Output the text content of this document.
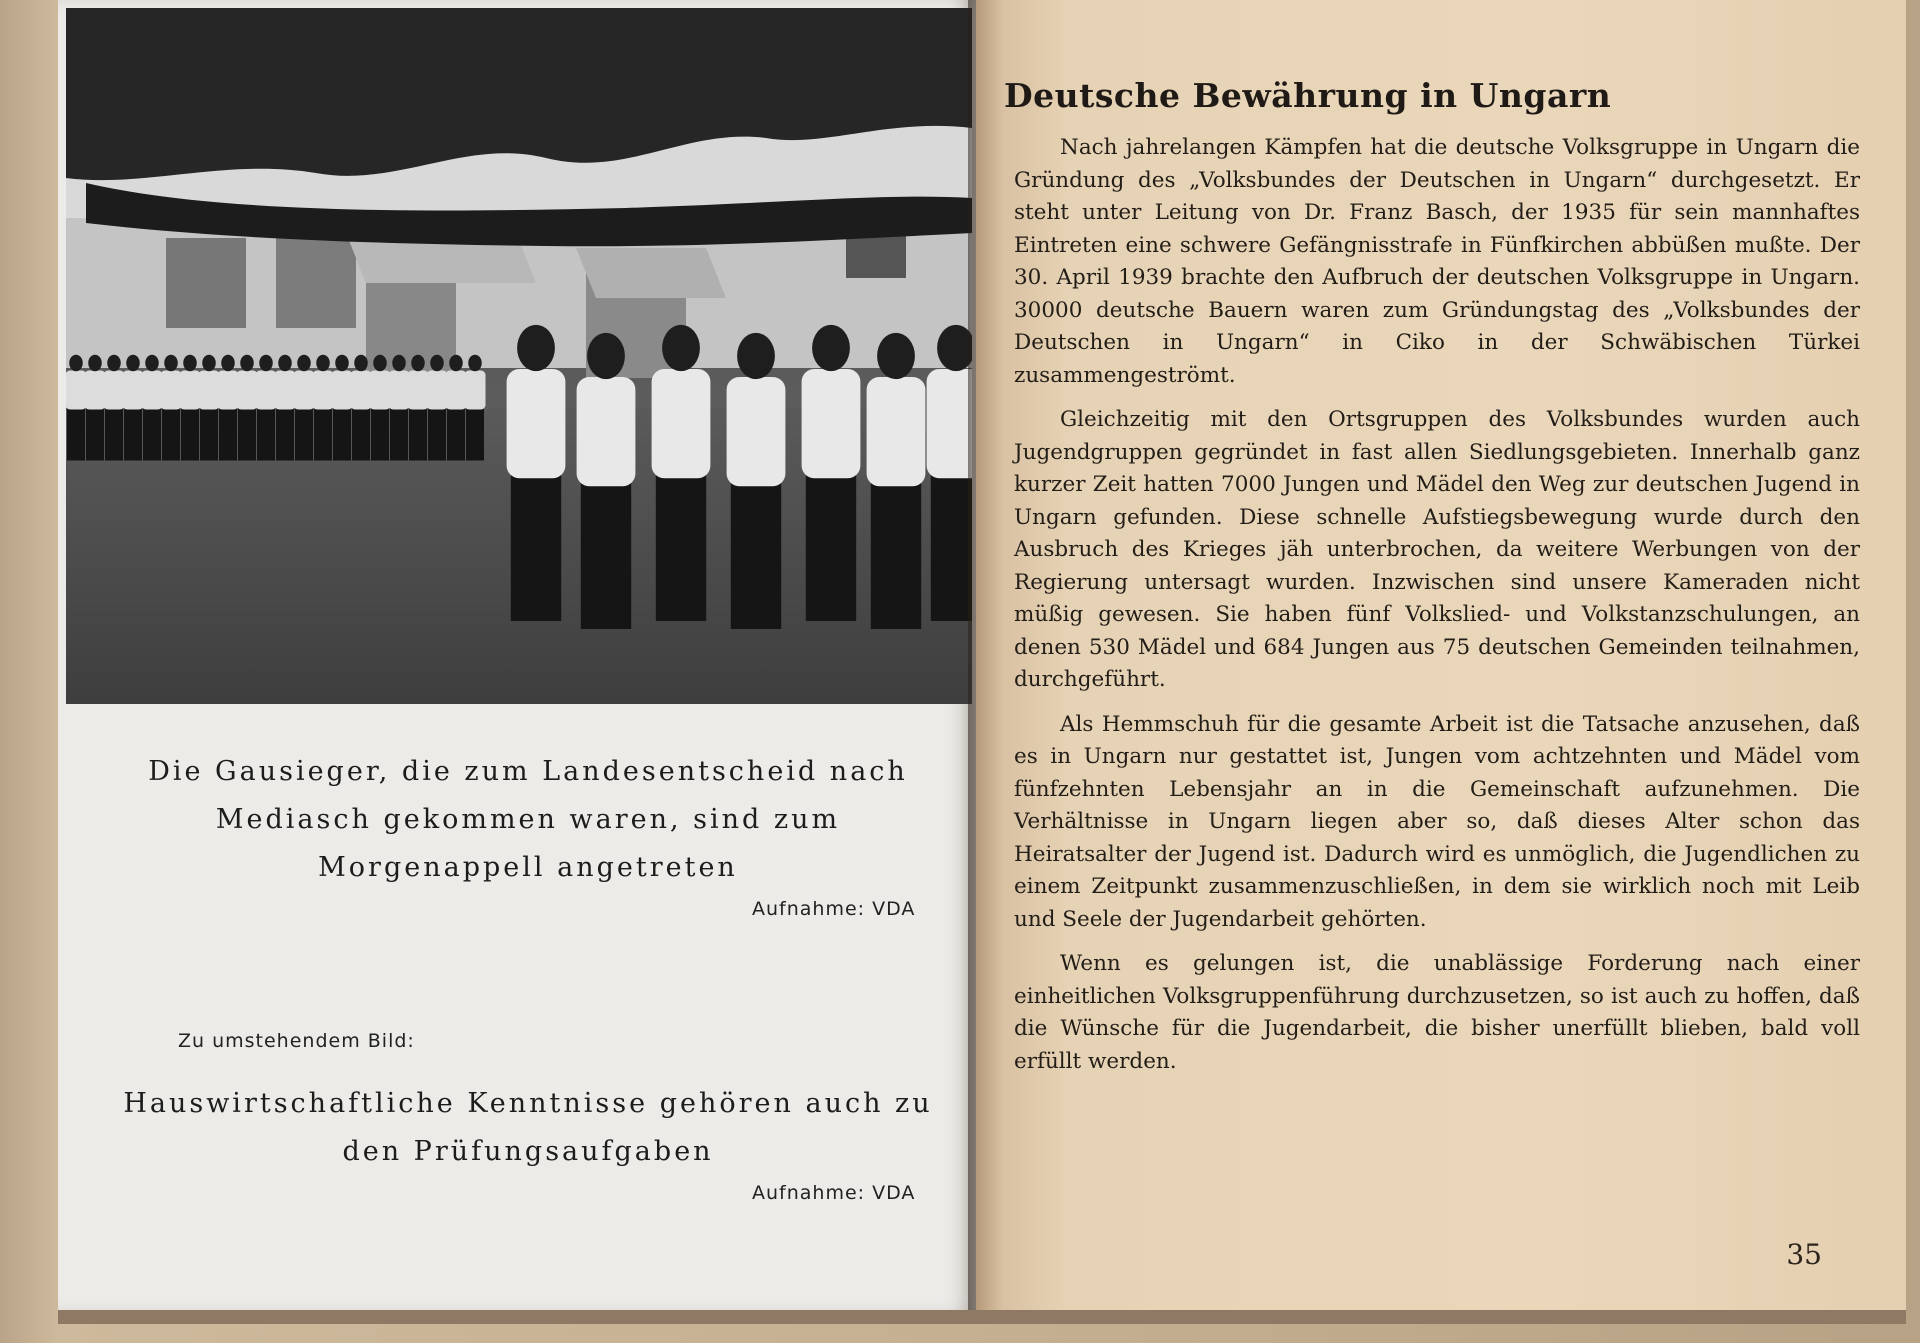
Die Gausieger, die zum Landesentscheid nach Mediasch gekommen waren, sind zum Morgenappell angetreten
Aufnahme: VDA
Zu umstehendem Bild:
Hauswirtschaftliche Kenntnisse gehören auch zu den Prüfungsaufgaben
Aufnahme: VDA
Deutsche Bewährung in Ungarn

Nach jahrelangen Kämpfen hat die deutsche Volksgruppe in Ungarn die Gründung des „Volksbundes der Deutschen in Ungarn“ durchgesetzt. Er steht unter Leitung von Dr. Franz Basch, der 1935 für sein mannhaftes Eintreten eine schwere Gefängnisstrafe in Fünfkirchen abbüßen mußte. Der 30. April 1939 brachte den Aufbruch der deutschen Volksgruppe in Ungarn. 30000 deutsche Bauern waren zum Gründungstag des „Volksbundes der Deutschen in Ungarn“ in Ciko in der Schwäbischen Türkei zusammengeströmt.

Gleichzeitig mit den Ortsgruppen des Volksbundes wurden auch Jugendgruppen gegründet in fast allen Siedlungsgebieten. Innerhalb ganz kurzer Zeit hatten 7000 Jungen und Mädel den Weg zur deutschen Jugend in Ungarn gefunden. Diese schnelle Aufstiegsbewegung wurde durch den Ausbruch des Krieges jäh unterbrochen, da weitere Werbungen von der Regierung untersagt wurden. Inzwischen sind unsere Kameraden nicht müßig gewesen. Sie haben fünf Volkslied- und Volkstanzschulungen, an denen 530 Mädel und 684 Jungen aus 75 deutschen Gemeinden teilnahmen, durchgeführt.

Als Hemmschuh für die gesamte Arbeit ist die Tatsache anzusehen, daß es in Ungarn nur gestattet ist, Jungen vom achtzehnten und Mädel vom fünfzehnten Lebensjahr an in die Gemeinschaft aufzunehmen. Die Verhältnisse in Ungarn liegen aber so, daß dieses Alter schon das Heiratsalter der Jugend ist. Dadurch wird es unmöglich, die Jugendlichen zu einem Zeitpunkt zusammenzuschließen, in dem sie wirklich noch mit Leib und Seele der Jugendarbeit gehörten.

Wenn es gelungen ist, die unablässige Forderung nach einer einheitlichen Volksgruppenführung durchzusetzen, so ist auch zu hoffen, daß die Wünsche für die Jugendarbeit, die bisher unerfüllt blieben, bald voll erfüllt werden.

35
